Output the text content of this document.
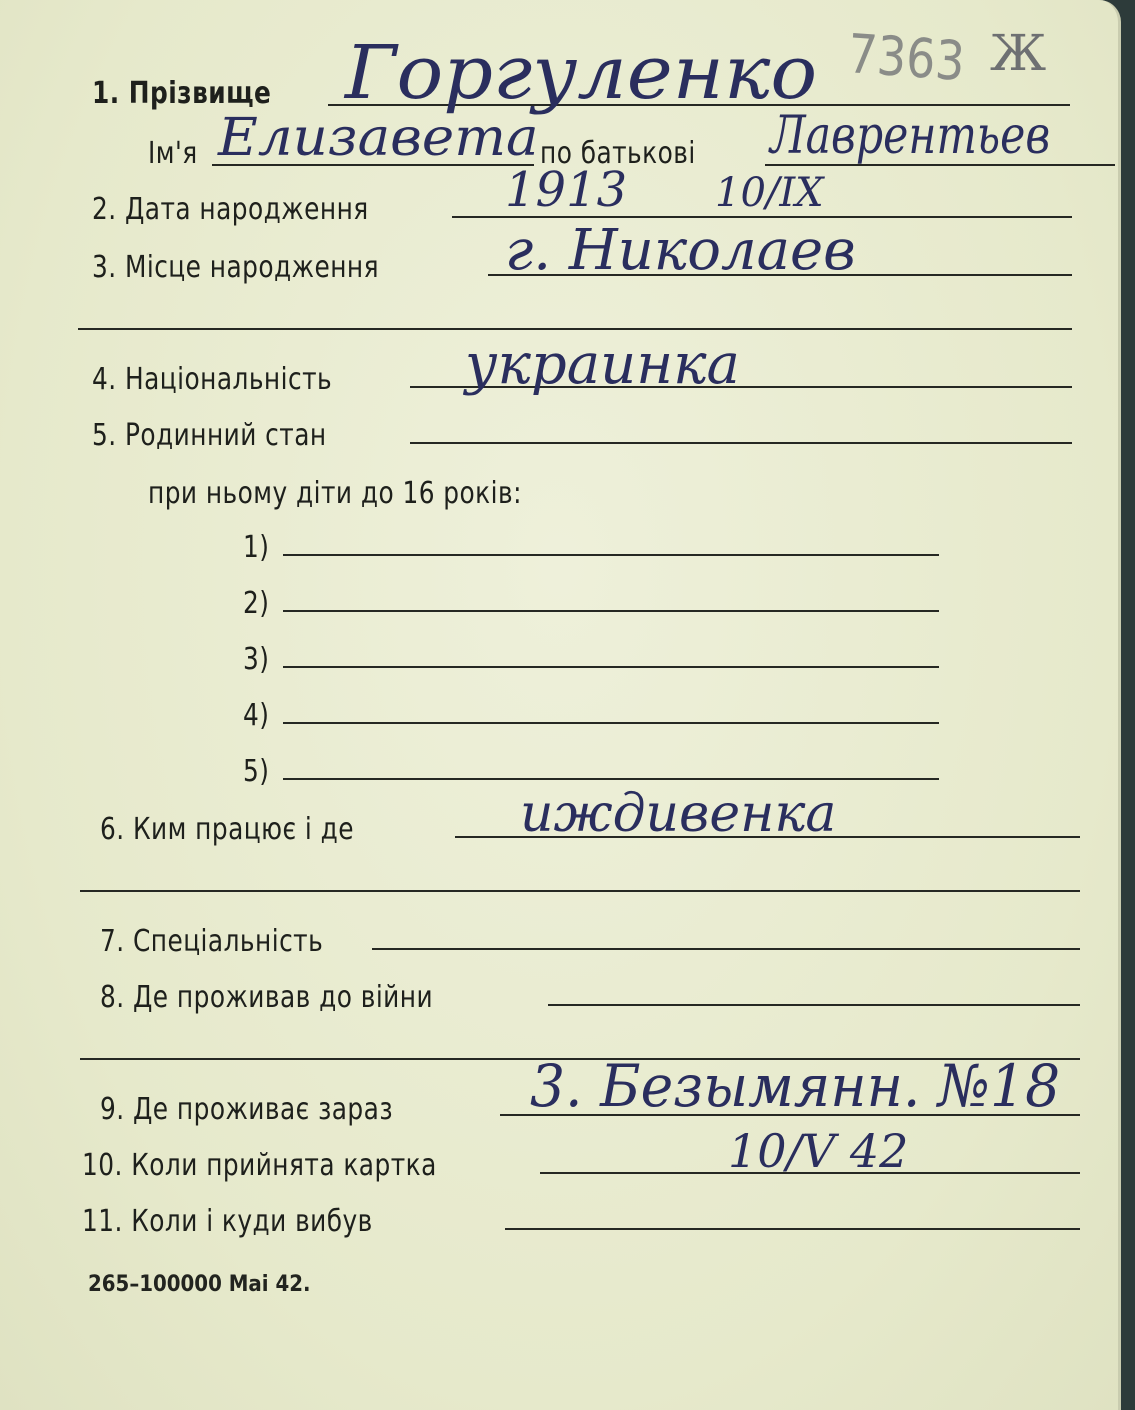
7363 Ж
1. Прізвище Горгуленко
Ім'я Елизавета по батькові Лаврентьев
2. Дата народження	1913 10/IX
3. Місце народження г. Николаев
4. Національність украинка
5. Родинний стан
при ньому діти до 16 років:
1)
2)
3)
4)
5)
6. Ким працює і де	иждивенка
7. Спеціальність
8. Де проживав до війни
9. Де проживає зараз 3. Безымянн. №18
10. Коли прийнята картка	10/V 42
11. Коли і куди вибув
265–100000 Mai 42.
